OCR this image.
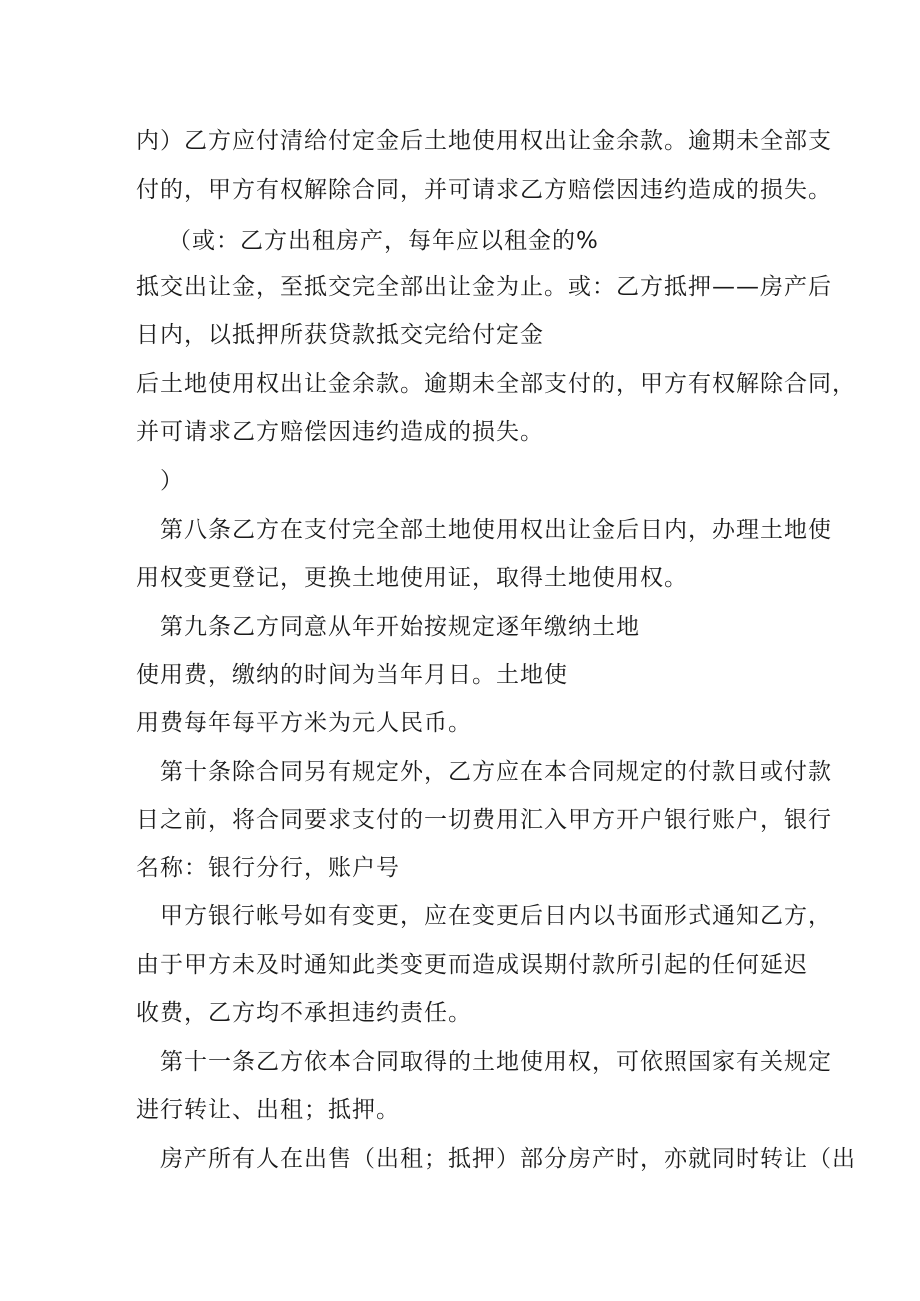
内）乙方应付清给付定金后土地使用权出让金余款。逾期未全部支
付的，甲方有权解除合同，并可请求乙方赔偿因违约造成的损失。
（或：乙方出租房产，每年应以租金的%
抵交出让金，至抵交完全部出让金为止。或：乙方抵押——房产后
日内，以抵押所获贷款抵交完给付定金
后土地使用权出让金余款。逾期未全部支付的，甲方有权解除合同，
并可请求乙方赔偿因违约造成的损失。
）
第八条乙方在支付完全部土地使用权出让金后日内，办理土地使
用权变更登记，更换土地使用证，取得土地使用权。
第九条乙方同意从年开始按规定逐年缴纳土地
使用费，缴纳的时间为当年月日。土地使
用费每年每平方米为元人民币。
第十条除合同另有规定外，乙方应在本合同规定的付款日或付款
日之前，将合同要求支付的一切费用汇入甲方开户银行账户，银行
名称：银行分行，账户号
甲方银行帐号如有变更，应在变更后日内以书面形式通知乙方，
由于甲方未及时通知此类变更而造成误期付款所引起的任何延迟
收费，乙方均不承担违约责任。
第十一条乙方依本合同取得的土地使用权，可依照国家有关规定
进行转让、出租；抵押。
房产所有人在出售（出租；抵押）部分房产时，亦就同时转让（出
